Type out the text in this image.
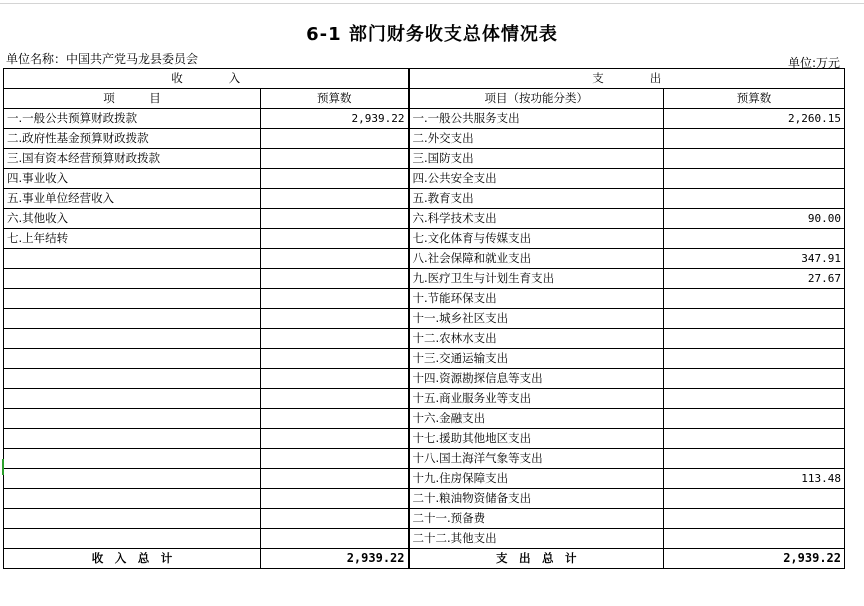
6-1 部门财务收支总体情况表
单位名称：中国共产党马龙县委员会	单位:万元
收　　　　入		支　　　　出	
项　　　目	预算数	项目（按功能分类）	预算数
一.一般公共预算财政拨款	2,939.22	一.一般公共服务支出	2,260.15
二.政府性基金预算财政拨款		二.外交支出	
三.国有资本经营预算财政拨款		三.国防支出	
四.事业收入		四.公共安全支出	
五.事业单位经营收入		五.教育支出	
六.其他收入		六.科学技术支出	90.00
七.上年结转		七.文化体育与传媒支出	
		八.社会保障和就业支出	347.91
		九.医疗卫生与计划生育支出	27.67
		十.节能环保支出	
		十一.城乡社区支出	
		十二.农林水支出	
		十三.交通运输支出	
		十四.资源勘探信息等支出	
		十五.商业服务业等支出	
		十六.金融支出	
		十七.援助其他地区支出	
		十八.国土海洋气象等支出	
		十九.住房保障支出	113.48
		二十.粮油物资储备支出	
		二十一.预备费	
		二十二.其他支出	
收　入　总　计	2,939.22	支　出　总　计	2,939.22
